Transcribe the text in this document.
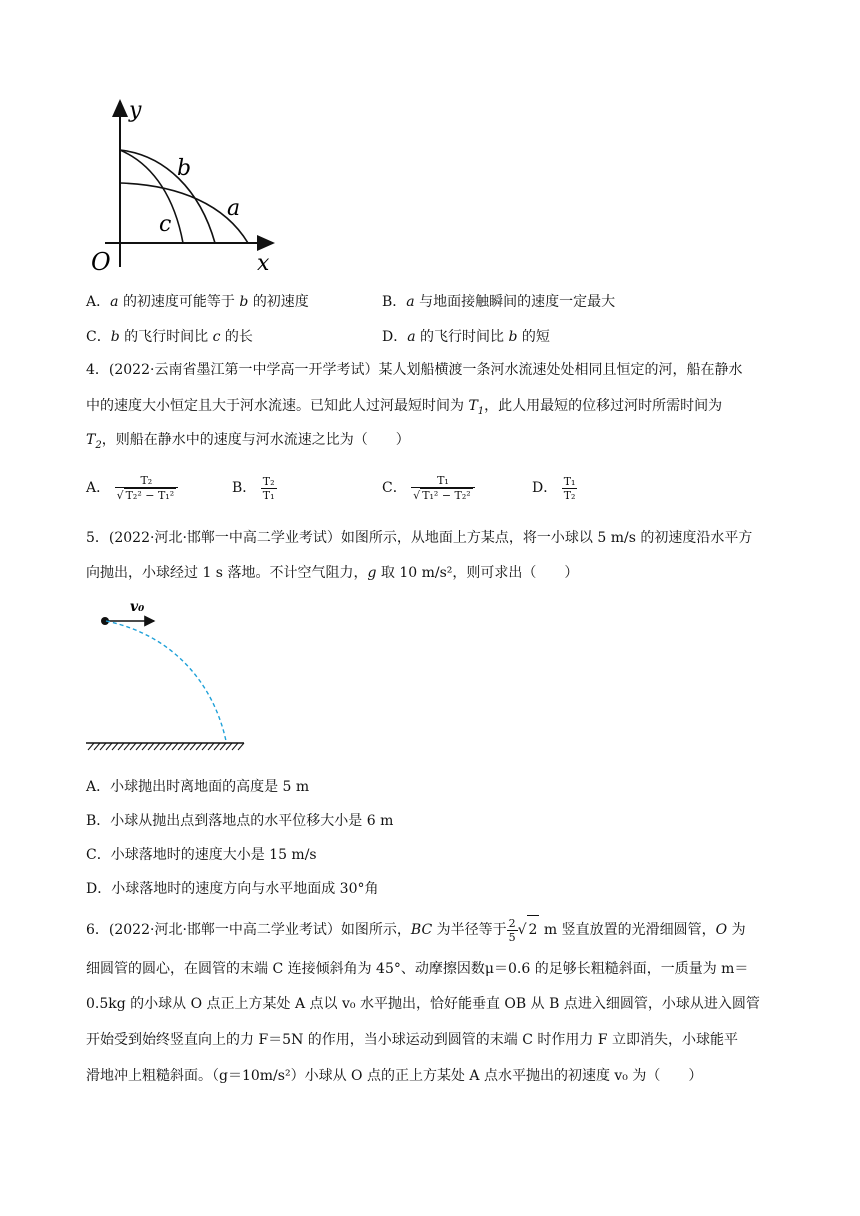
y
b
a
c
O	x
A．a 的初速度可能等于 b 的初速度	B．a 与地面接触瞬间的速度一定最大
C．b 的飞行时间比 c 的长	D．a 的飞行时间比 b 的短
4．(2022·云南省墨江第一中学高一开学考试）某人划船横渡一条河水流速处处相同且恒定的河，船在静水
中的速度大小恒定且大于河水流速。已知此人过河最短时间为 $T_1$，此人用最短的位移过河时所需时间为
$T_2$，则船在静水中的速度与河水流速之比为（　　）
A． $\frac{\text{T₂}}{\text{√ T₂² − T₁²}}$	B． $\frac{\text{T₂}}{\text{T₁}}$	C． $\frac{\text{T₁}}{\text{√ T₁² − T₂²}}$	D． $\frac{\text{T₁}}{\text{T₂}}$
5．(2022·河北·邯郸一中高二学业考试）如图所示，从地面上方某点，将一小球以 5 m/s 的初速度沿水平方
向抛出，小球经过 1 s 落地。不计空气阻力，g 取 10 m/s²，则可求出（　　）
v₀
A．小球抛出时离地面的高度是 5 m
B．小球从抛出点到落地点的水平位移大小是 6 m
C．小球落地时的速度大小是 15 m/s
D．小球落地时的速度方向与水平地面成 30°角
6．(2022·河北·邯郸一中高二学业考试）如图所示，BC 为半径等于 $\frac{2}{5}$ √ 2 m 竖直放置的光滑细圆管，O 为
细圆管的圆心，在圆管的末端 C 连接倾斜角为 45°、动摩擦因数μ＝0.6 的足够长粗糙斜面，一质量为 m＝
0.5kg 的小球从 O 点正上方某处 A 点以 v₀ 水平抛出，恰好能垂直 OB 从 B 点进入细圆管，小球从进入圆管
开始受到始终竖直向上的力 F＝5N 的作用，当小球运动到圆管的末端 C 时作用力 F 立即消失，小球能平
滑地冲上粗糙斜面。（g＝10m/s²）小球从 O 点的正上方某处 A 点水平抛出的初速度 v₀ 为（　　）
